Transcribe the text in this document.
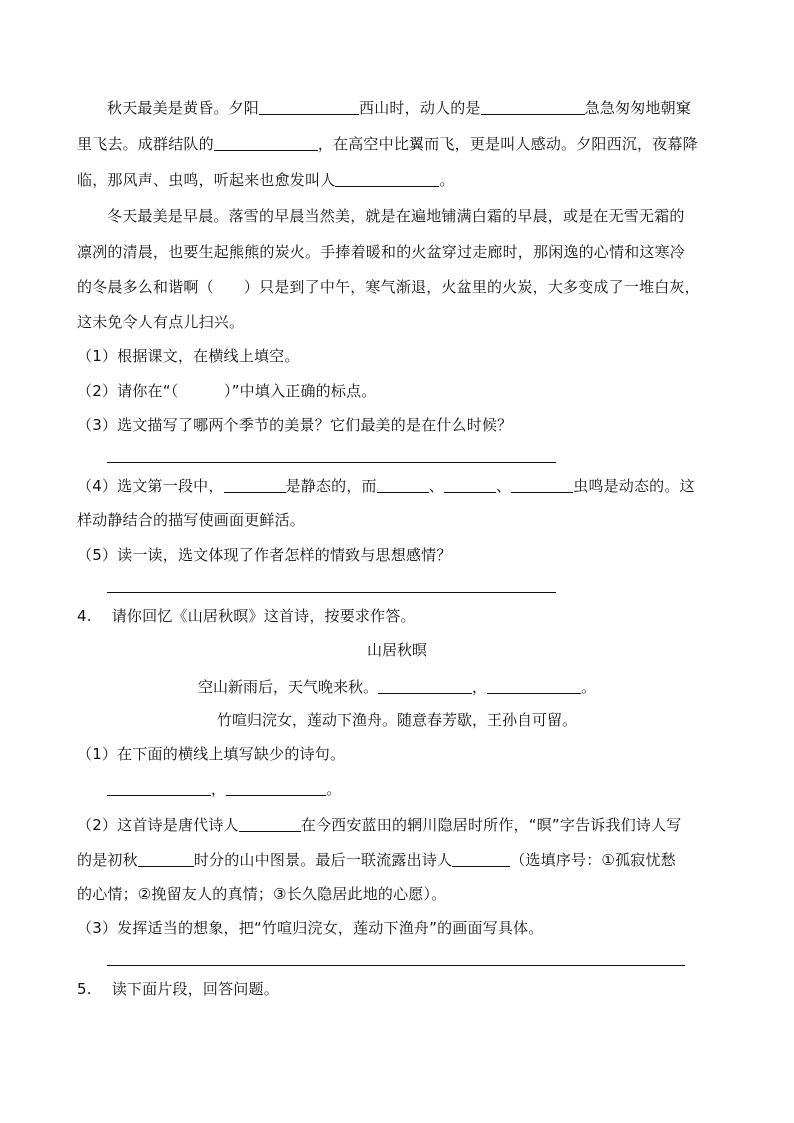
秋天最美是黄昏。夕阳	西山时，动人的是	急急匆匆地朝窠
里飞去。成群结队的	，在高空中比翼而飞，更是叫人感动。夕阳西沉，夜幕降
临，那风声、虫鸣，听起来也愈发叫人	。
冬天最美是早晨。落雪的早晨当然美，就是在遍地铺满白霜的早晨，或是在无雪无霜的
凛冽的清晨，也要生起熊熊的炭火。手捧着暖和的火盆穿过走廊时，那闲逸的心情和这寒冷
的冬晨多么和谐啊（ ）只是到了中午，寒气渐退，火盆里的火炭，大多变成了一堆白灰，
这未免令人有点儿扫兴。
（1）根据课文，在横线上填空。
（2）请你在“（　　　）”中填入正确的标点。
（3）选文描写了哪两个季节的美景？它们最美的是在什么时候？
（4）选文第一段中，	是静态的，而	、	、	虫鸣是动态的。这
样动静结合的描写使画面更鲜活。
（5）读一读，选文体现了作者怎样的情致与思想感情？
4. 请你回忆《山居秋暝》这首诗，按要求作答。
山居秋暝
空山新雨后，天气晚来秋。	，	。
竹喧归浣女，莲动下渔舟。随意春芳歇，王孙自可留。
（1）在下面的横线上填写缺少的诗句。
，	。
（2）这首诗是唐代诗人	在今西安蓝田的辋川隐居时所作，“暝”字告诉我们诗人写
的是初秋	时分的山中图景。最后一联流露出诗人	（选填序号：①孤寂忧愁
的心情；②挽留友人的真情；③长久隐居此地的心愿）。
（3）发挥适当的想象，把“竹喧归浣女，莲动下渔舟”的画面写具体。
5. 读下面片段，回答问题。
